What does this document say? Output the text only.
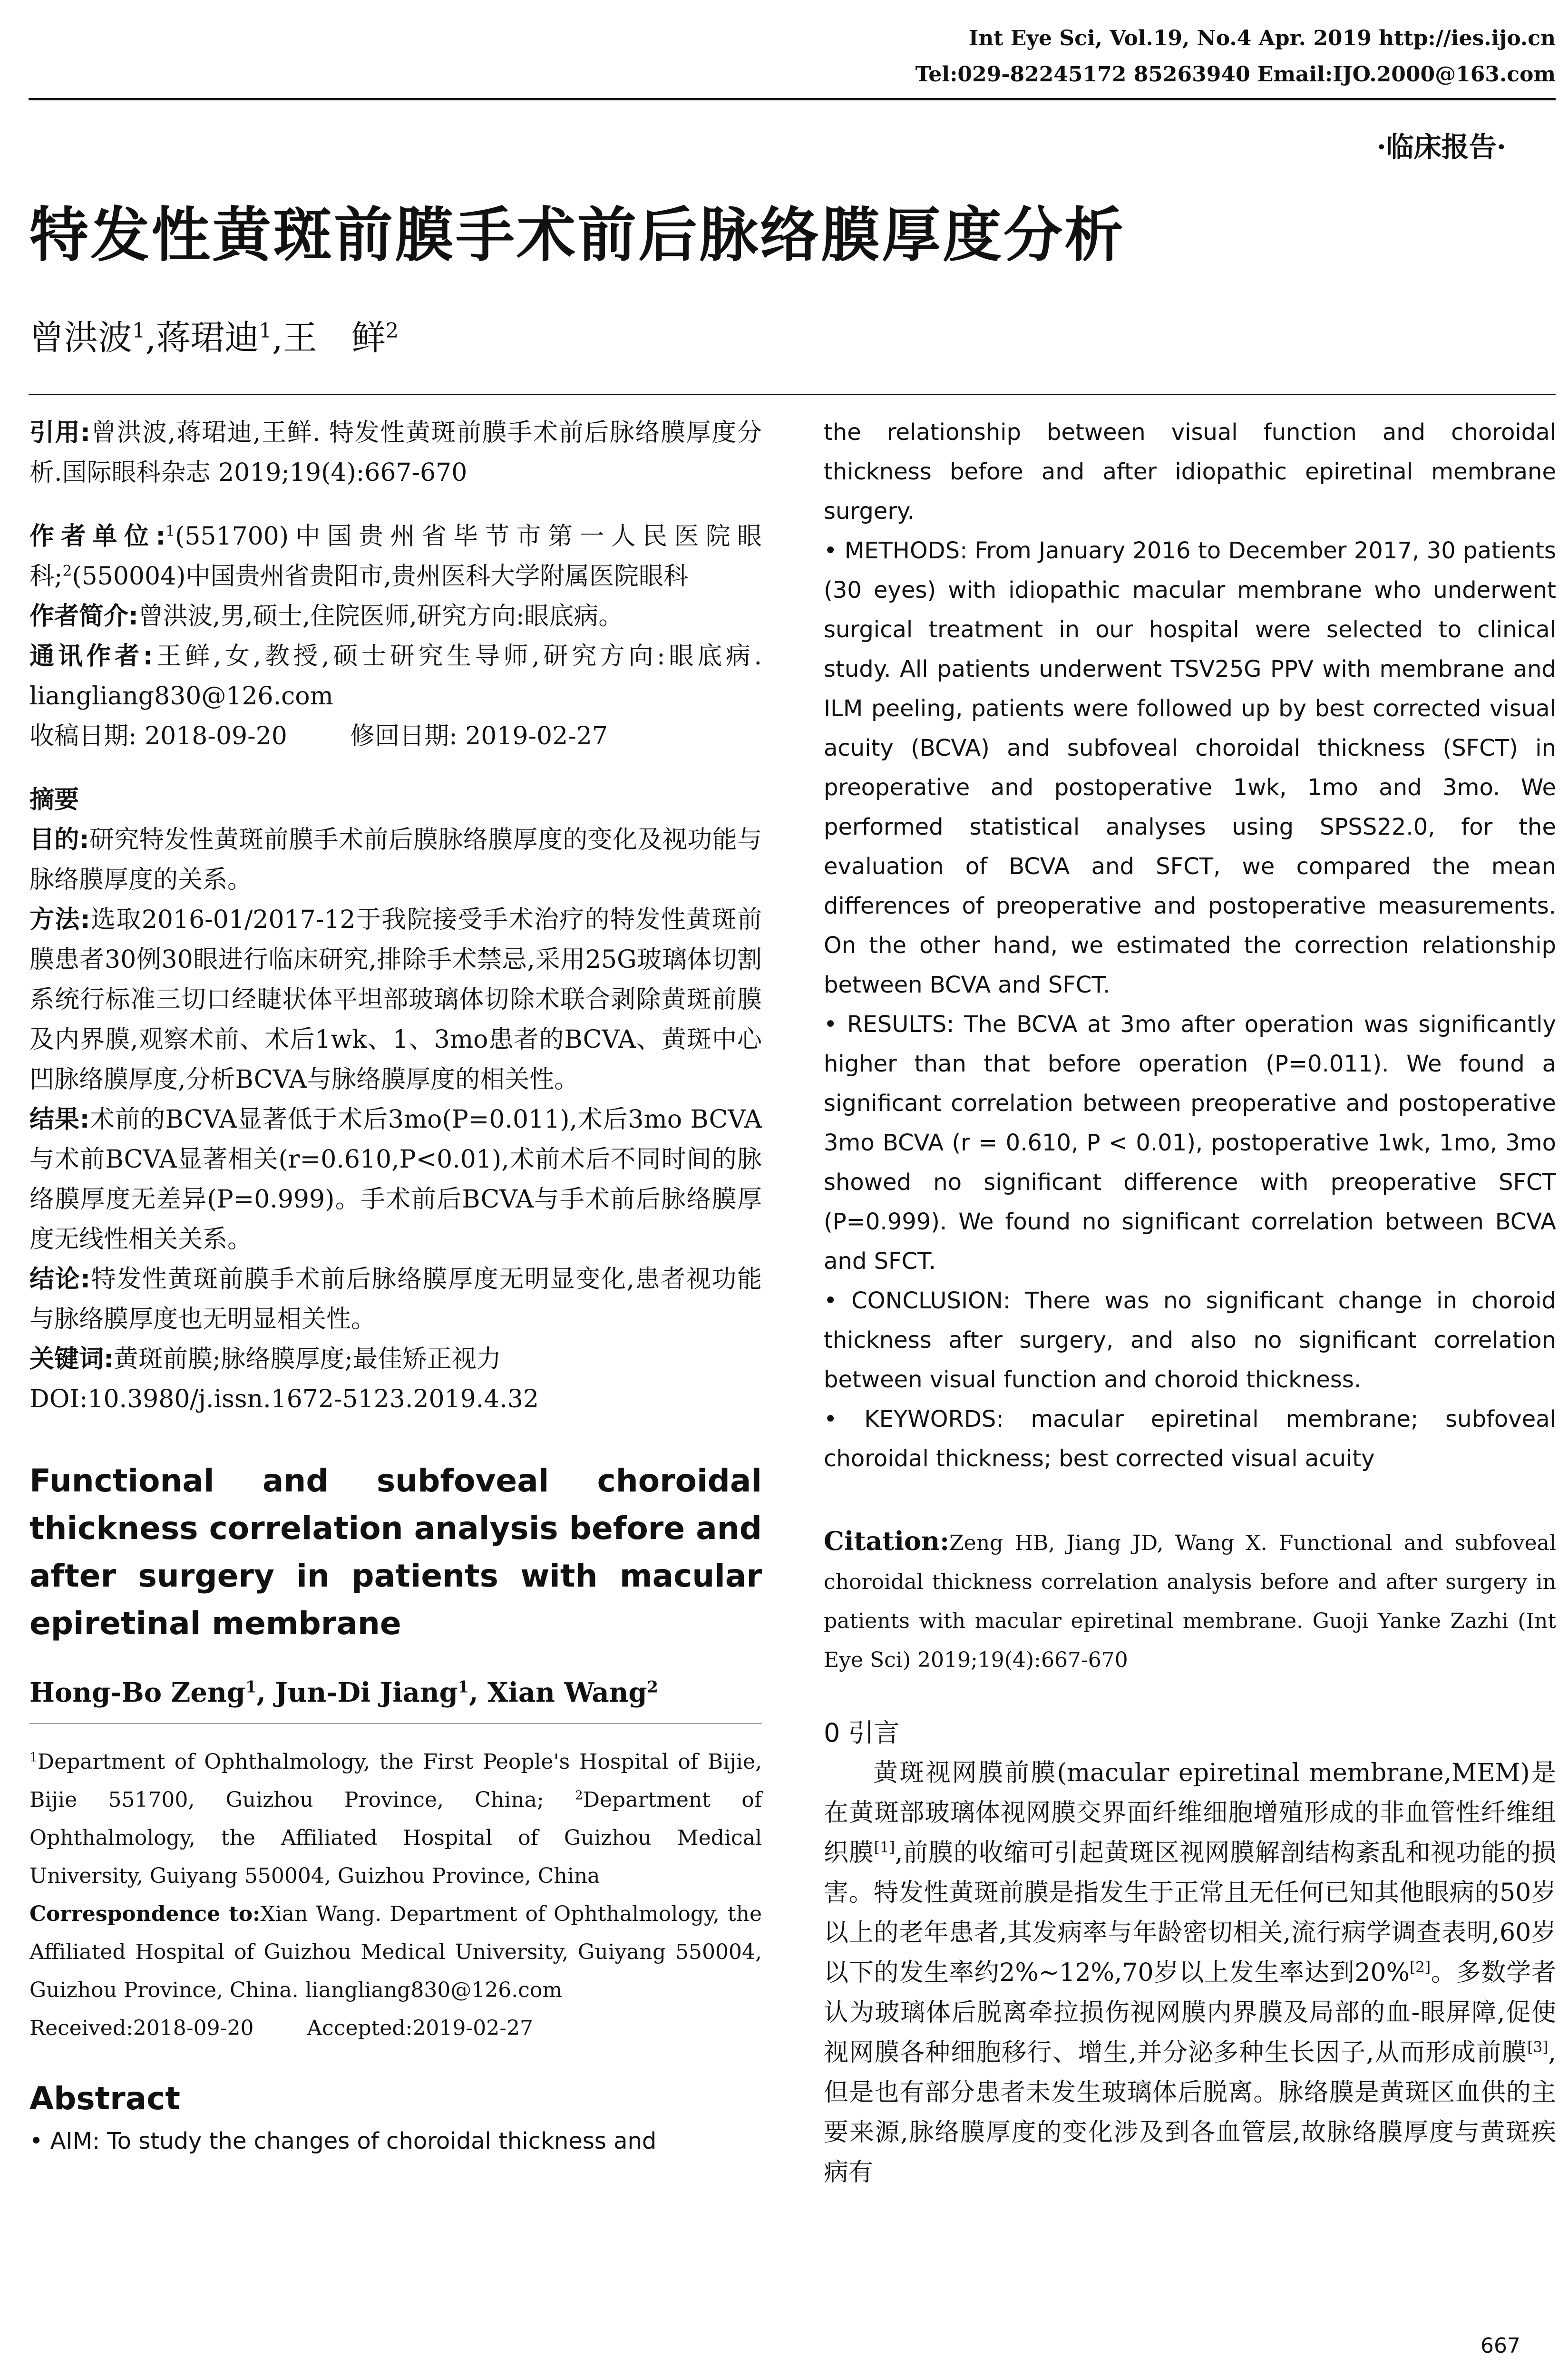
Int Eye Sci, Vol.19, No.4 Apr. 2019 http://ies.ijo.cn
Tel:029-82245172 85263940 Email:IJO.2000@163.com
·临床报告·
特发性黄斑前膜手术前后脉络膜厚度分析
曾洪波$^1$,蒋珺迪$^1$,王　鲜$^2$

引用:曾洪波,蒋珺迪,王鲜. 特发性黄斑前膜手术前后脉络膜厚度分析.国际眼科杂志 2019;19(4):667-670

作者单位:$^1$(551700)中国贵州省毕节市第一人民医院眼科;$^2$(550004)中国贵州省贵阳市,贵州医科大学附属医院眼科

作者简介:曾洪波,男,硕士,住院医师,研究方向:眼底病。

通讯作者:王鲜,女,教授,硕士研究生导师,研究方向:眼底病. liangliang830@126.com

收稿日期: 2018-09-20        修回日期: 2019-02-27

摘要

目的:研究特发性黄斑前膜手术前后膜脉络膜厚度的变化及视功能与脉络膜厚度的关系。

方法:选取2016-01/2017-12于我院接受手术治疗的特发性黄斑前膜患者30例30眼进行临床研究,排除手术禁忌,采用25G玻璃体切割系统行标准三切口经睫状体平坦部玻璃体切除术联合剥除黄斑前膜及内界膜,观察术前、术后1wk、1、3mo患者的BCVA、黄斑中心凹脉络膜厚度,分析BCVA与脉络膜厚度的相关性。

结果:术前的BCVA显著低于术后3mo(P=0.011),术后3mo BCVA与术前BCVA显著相关(r=0.610,P<0.01),术前术后不同时间的脉络膜厚度无差异(P=0.999)。手术前后BCVA与手术前后脉络膜厚度无线性相关关系。

结论:特发性黄斑前膜手术前后脉络膜厚度无明显变化,患者视功能与脉络膜厚度也无明显相关性。

关键词:黄斑前膜;脉络膜厚度;最佳矫正视力

DOI:10.3980/j.issn.1672-5123.2019.4.32

Functional and subfoveal choroidal thickness correlation analysis before and after surgery in patients with macular epiretinal membrane

Hong-Bo Zeng$^1$, Jun-Di Jiang$^1$, Xian Wang$^2$

$^1$Department of Ophthalmology, the First People's Hospital of Bijie, Bijie 551700, Guizhou Province, China; $^2$Department of Ophthalmology, the Affiliated Hospital of Guizhou Medical University, Guiyang 550004, Guizhou Province, China

Correspondence to:Xian Wang. Department of Ophthalmology, the Affiliated Hospital of Guizhou Medical University, Guiyang 550004, Guizhou Province, China. liangliang830@126.com

Received:2018-09-20        Accepted:2019-02-27

Abstract

• AIM: To study the changes of choroidal thickness and

the relationship between visual function and choroidal thickness before and after idiopathic epiretinal membrane surgery.

• METHODS: From January 2016 to December 2017, 30 patients (30 eyes) with idiopathic macular membrane who underwent surgical treatment in our hospital were selected to clinical study. All patients underwent TSV25G PPV with membrane and ILM peeling, patients were followed up by best corrected visual acuity (BCVA) and subfoveal choroidal thickness (SFCT) in preoperative and postoperative 1wk, 1mo and 3mo. We performed statistical analyses using SPSS22.0, for the evaluation of BCVA and SFCT, we compared the mean differences of preoperative and postoperative measurements. On the other hand, we estimated the correction relationship between BCVA and SFCT.

• RESULTS: The BCVA at 3mo after operation was significantly higher than that before operation (P=0.011). We found a significant correlation between preoperative and postoperative 3mo BCVA (r = 0.610, P < 0.01), postoperative 1wk, 1mo, 3mo showed no significant difference with preoperative SFCT (P=0.999). We found no significant correlation between BCVA and SFCT.

• CONCLUSION: There was no significant change in choroid thickness after surgery, and also no significant correlation between visual function and choroid thickness.

• KEYWORDS: macular epiretinal membrane; subfoveal choroidal thickness; best corrected visual acuity

Citation:Zeng HB, Jiang JD, Wang X. Functional and subfoveal choroidal thickness correlation analysis before and after surgery in patients with macular epiretinal membrane. Guoji Yanke Zazhi (Int Eye Sci) 2019;19(4):667-670

0 引言

黄斑视网膜前膜(macular epiretinal membrane,MEM)是在黄斑部玻璃体视网膜交界面纤维细胞增殖形成的非血管性纤维组织膜[1],前膜的收缩可引起黄斑区视网膜解剖结构紊乱和视功能的损害。特发性黄斑前膜是指发生于正常且无任何已知其他眼病的50岁以上的老年患者,其发病率与年龄密切相关,流行病学调查表明,60岁以下的发生率约2%~12%,70岁以上发生率达到20%[2]。多数学者认为玻璃体后脱离牵拉损伤视网膜内界膜及局部的血-眼屏障,促使视网膜各种细胞移行、增生,并分泌多种生长因子,从而形成前膜[3],但是也有部分患者未发生玻璃体后脱离。脉络膜是黄斑区血供的主要来源,脉络膜厚度的变化涉及到各血管层,故脉络膜厚度与黄斑疾病有

667
